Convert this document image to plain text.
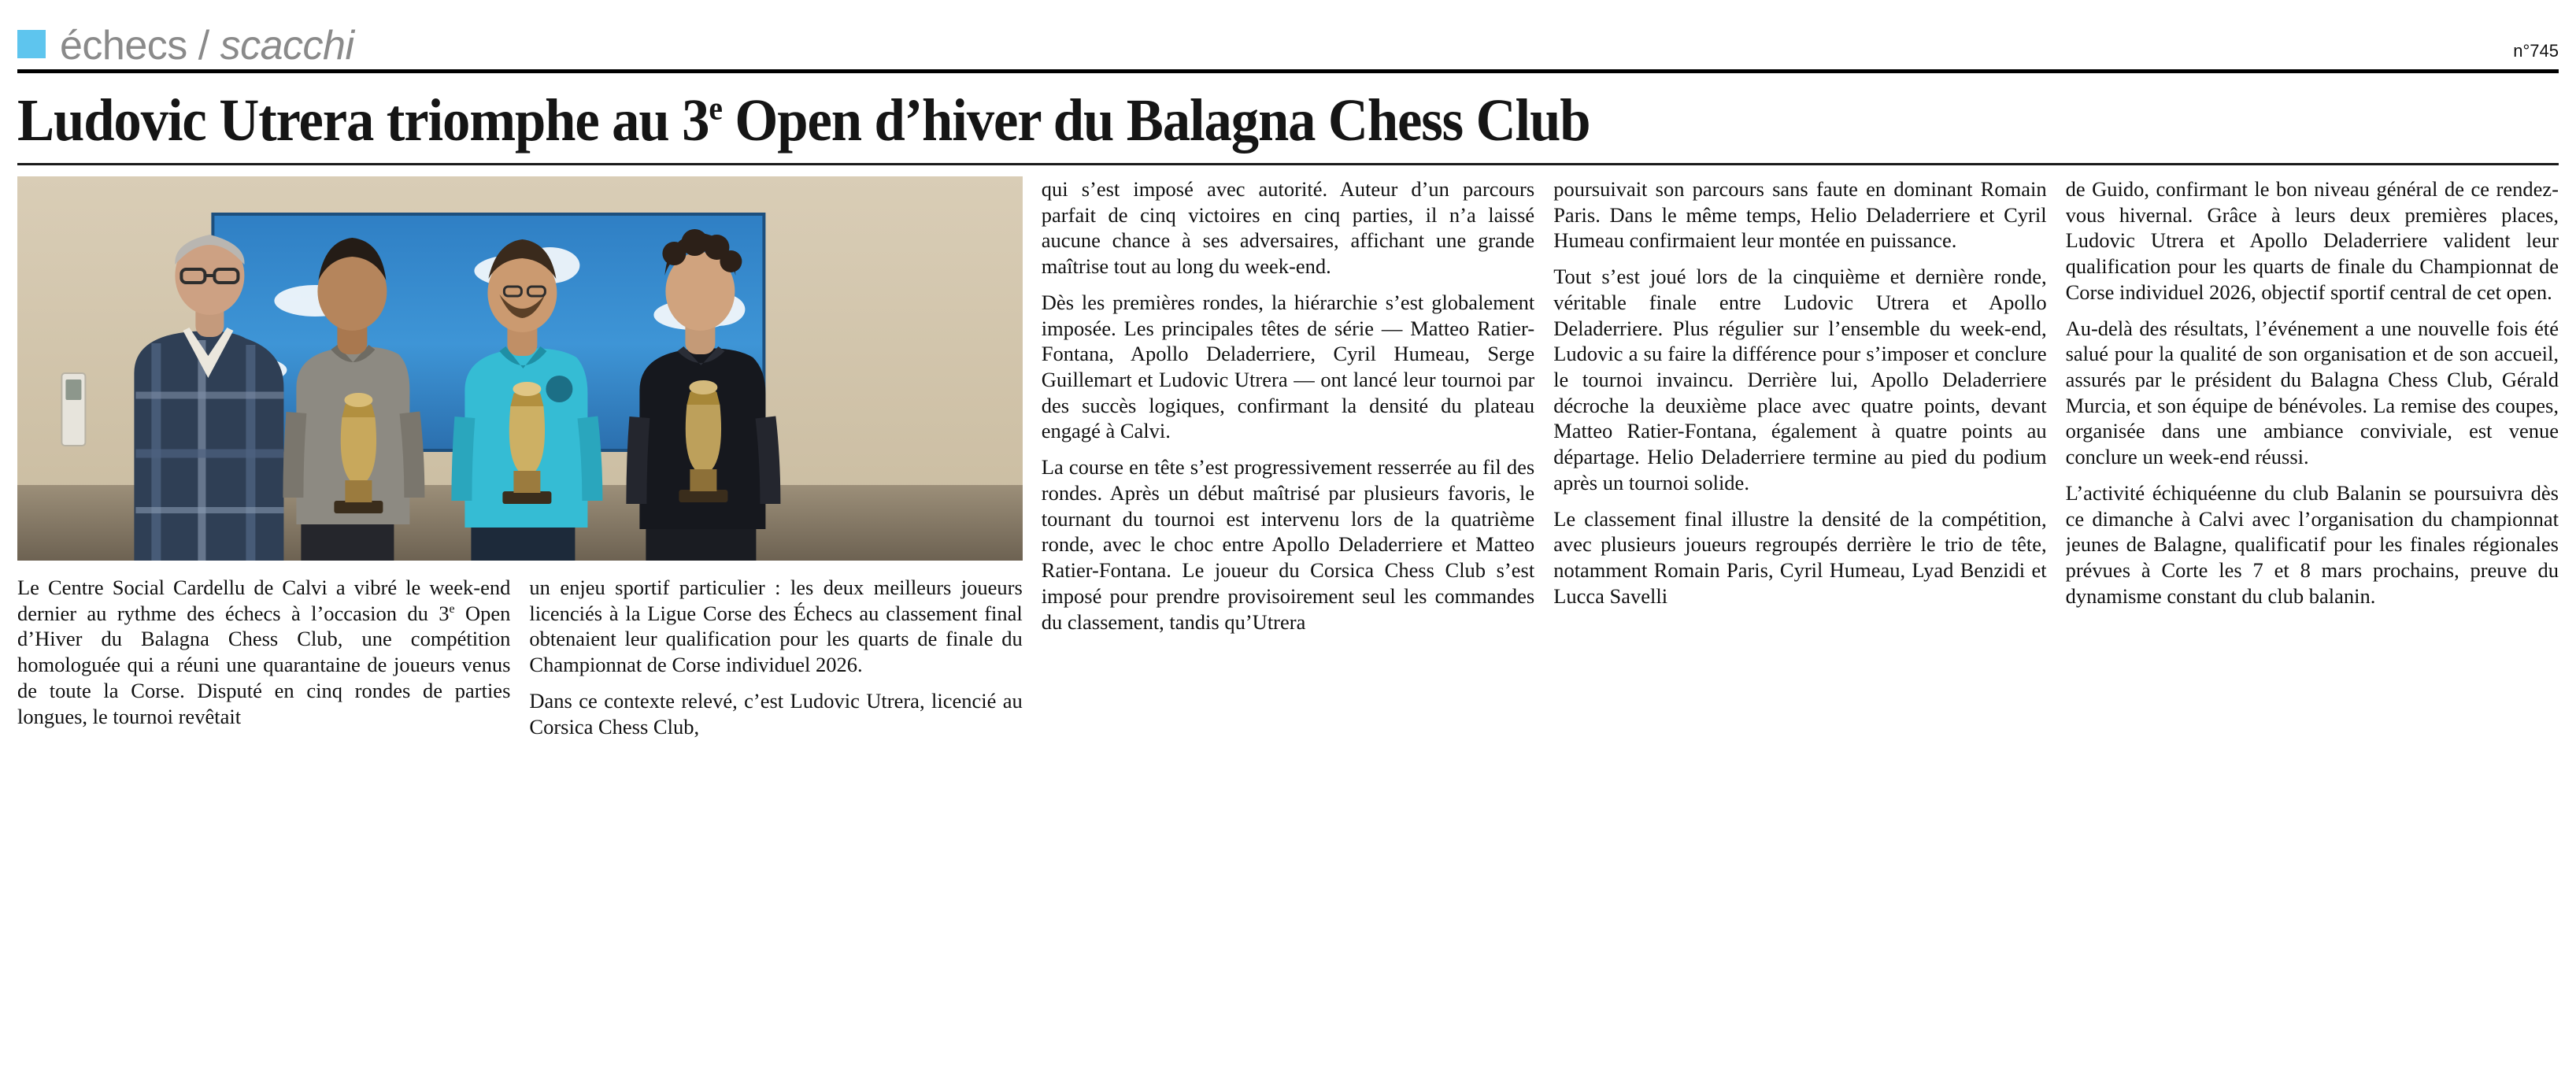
échecs / scacchi	n°745
Ludovic Utrera triomphe au 3e Open d’hiver du Balagna Chess Club

Le Centre Social Cardellu de Calvi a vibré le week-end dernier au rythme des échecs à l’occasion du 3e Open d’Hiver du Balagna Chess Club, une compétition homologuée qui a réuni une quarantaine de joueurs venus de toute la Corse. Disputé en cinq rondes de parties longues, le tournoi revêtait

un enjeu sportif particulier : les deux meilleurs joueurs licenciés à la Ligue Corse des Échecs au classement final obtenaient leur qualification pour les quarts de finale du Championnat de Corse individuel 2026.

Dans ce contexte relevé, c’est Ludovic Utrera, licencié au Corsica Chess Club,

qui s’est imposé avec autorité. Auteur d’un parcours parfait de cinq victoires en cinq parties, il n’a laissé aucune chance à ses adversaires, affichant une grande maîtrise tout au long du week-end.

Dès les premières rondes, la hiérarchie s’est globalement imposée. Les principales têtes de série — Matteo Ratier-Fontana, Apollo Deladerriere, Cyril Humeau, Serge Guillemart et Ludovic Utrera — ont lancé leur tournoi par des succès logiques, confirmant la densité du plateau engagé à Calvi.

La course en tête s’est progressivement resserrée au fil des rondes. Après un début maîtrisé par plusieurs favoris, le tournant du tournoi est intervenu lors de la quatrième ronde, avec le choc entre Apollo Deladerriere et Matteo Ratier-Fontana. Le joueur du Corsica Chess Club s’est imposé pour prendre provisoirement seul les commandes du classement, tandis qu’Utrera

poursuivait son parcours sans faute en dominant Romain Paris. Dans le même temps, Helio Deladerriere et Cyril Humeau confirmaient leur montée en puissance.

Tout s’est joué lors de la cinquième et dernière ronde, véritable finale entre Ludovic Utrera et Apollo Deladerriere. Plus régulier sur l’ensemble du week-end, Ludovic a su faire la différence pour s’imposer et conclure le tournoi invaincu. Derrière lui, Apollo Deladerriere décroche la deuxième place avec quatre points, devant Matteo Ratier-Fontana, également à quatre points au départage. Helio Deladerriere termine au pied du podium après un tournoi solide.

Le classement final illustre la densité de la compétition, avec plusieurs joueurs regroupés derrière le trio de tête, notamment Romain Paris, Cyril Humeau, Lyad Benzidi et Lucca Savelli

de Guido, confirmant le bon niveau général de ce rendez-vous hivernal. Grâce à leurs deux premières places, Ludovic Utrera et Apollo Deladerriere valident leur qualification pour les quarts de finale du Championnat de Corse individuel 2026, objectif sportif central de cet open.

Au-delà des résultats, l’événement a une nouvelle fois été salué pour la qualité de son organisation et de son accueil, assurés par le président du Balagna Chess Club, Gérald Murcia, et son équipe de bénévoles. La remise des coupes, organisée dans une ambiance conviviale, est venue conclure un week-end réussi.

L’activité échiquéenne du club Balanin se poursuivra dès ce dimanche à Calvi avec l’organisation du championnat jeunes de Balagne, qualificatif pour les finales régionales prévues à Corte les 7 et 8 mars prochains, preuve du dynamisme constant du club balanin.
